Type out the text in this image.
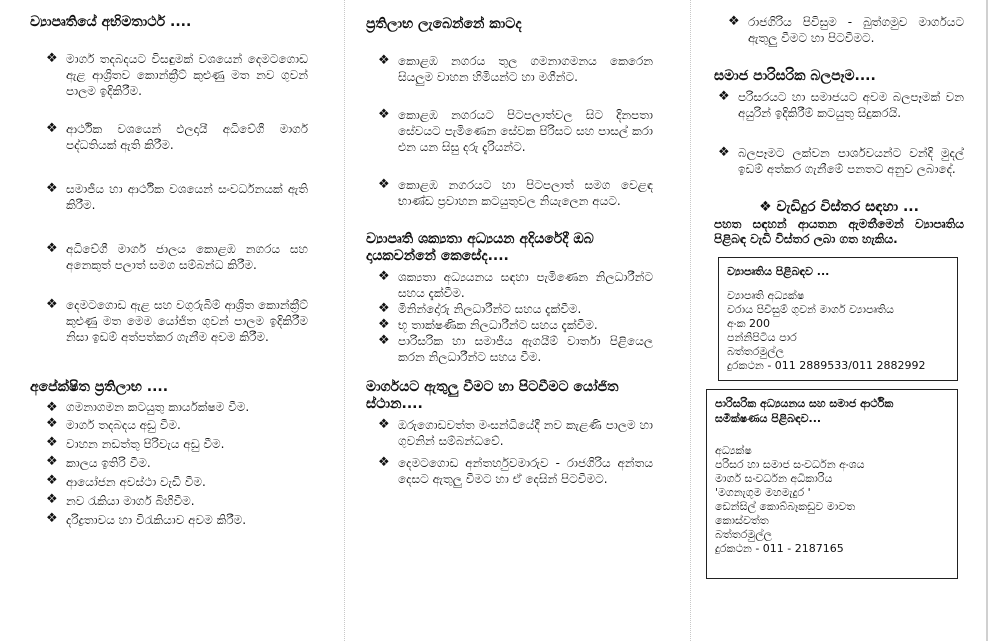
ව්‍යාපෘතියේ අභිමතාර්ථ ....
❖ මාර්ග තදබදයට විසඳුමක් වශයෙන් දෙමටගොඩ ඇළ ආශ්‍රිතව කොන්ක්‍රීට් කුළුණු මත නව ගුවන් පාලම ඉදිකිරීම.
❖ ආර්ථික වශයෙන් ඵලදායී අධිවේගී මාර්ග පද්ධතියක් ඇති කිරීම.
❖ සමාජීය හා ආර්ථික වශයෙන් සංවර්ධනයක් ඇති කිරීම.
❖ අධිවේගී මාර්ග ජාලය කොළඹ නගරය සහ අනෙකුත් පලාත් සමග සම්බන්ධ කිරීම.
❖ දෙමටගොඩ ඇළ සහ වගුරුබිම් ආශ්‍රිත කොන්ක්‍රීට් කුළුණු මත මෙම යෝජිත ගුවන් පාලම ඉදිකිරීම නිසා ඉඩම් අත්පත්කර ගැනීම අවම කිරීම.
අපේක්ෂිත ප්‍රතිලාභ ....
❖ ගමනාගමන කටයුතු කාර්යක්ෂම වීම.
❖ මාර්ග තදබදය අඩු වීම.
❖ වාහන නඩත්තු පිරිවැය අඩු වීම.
❖ කාලය ඉතිරි වීම.
❖ ආයෝජන අවස්ථා වැඩි වීම.
❖ නව රැකියා මාර්ග බිහිවීම.
❖ දරිද්‍රතාවය හා විරැකියාව අවම කිරීම.
ප්‍රතිලාභ ලැබෙන්නේ කාටද
❖ කොළඹ නගරය තුල ගමනාගමනය කෙරෙන සියලුම වාහන හිමියන්ට හා මගීන්ට.
❖ කොළඹ නගරයට පිටපලාත්වල සිට දිනපතා සේවයට පැමිණෙන සේවක පිරිසට සහ පාසල් කරා එන යන සිසු දරු දැරියන්ට.
❖ කොළඹ නගරයට හා පිටපලාත් සමග වෙළඳ භාණ්ඩ ප්‍රවාහන කටයුතුවල නියැලෙන අයට.
ව්‍යාපෘති ශක්‍යතා අධ්‍යයන අදියරේදී ඔබ දායකවන්නේ කෙසේද....
❖ ශක්‍යතා අධ්‍යයනය සඳහා පැමිණෙන නිලධාරීන්ට සහය දැක්වීම.
❖ මිනින්දෝරු නිලධාරීන්ට සහය දැක්වීම.
❖ භූ තාක්ෂණික නිලධාරීන්ට සහය දැක්වීම.
❖ පාරිසරික හා සමාජීය ඇගයීම් වාර්තා පිළියෙල කරන නිලධාරීන්ට සහය වීම.
මාර්ගයට ඇතුලු වීමට හා පිටවීමට යෝජිත ස්ථාන....
❖ ඔරුගොඩවත්ත මංසන්ධියේදී නව කැළණි පාලම හා ගුවනින් සම්බන්ධවේ.
❖ දෙමටගොඩ අන්තර්හුවමාරුව - රාජගිරිය අන්තය දෙසට ඇතුලු වීමට හා ඒ දෙසින් පිටවීමට.
❖ රාජගිරිය පිවිසුම - බුත්ගමුව මාර්ගයට ඇතුලු වීමට හා පිටවීමට.
සමාජ පාරිසරික බලපෑම....
❖ පරිසරයට හා සමාජයට අවම බලපෑමක් වන අයුරින් ඉදිකිරීම් කටයුතු සිදුකරයි.
❖ බලපෑමට ලක්වන පාර්ශවයන්ට වන්දි මුදල් ඉඩම් අත්කර ගැනීමේ පනතට අනුව ලබාදේ.
❖ වැඩිදුර විස්තර සඳහා ...
පහත සඳහන් ආයතන ඇමතීමෙන් ව්‍යාපෘතිය පිළිබඳ වැඩි විස්තර ලබා ගත හැකිය.
ව්‍යාපෘතිය පිළිබඳව ...
ව්‍යාපෘති අධ්‍යක්ෂ
වරාය පිවිසුම් ගුවන් මාර්ග ව්‍යාපෘතිය
අංක 200
පන්නිපිටිය පාර
බත්තරමුල්ල
දුරකථන - 011 2889533/011 2882992
පාරිසරික අධ්‍යයනය සහ සමාජ ආර්ථික සමීක්ෂණය පිළිබඳව...
අධ්‍යක්ෂ
පරිසර හා සමාජ සංවර්ධන අංශය
මාර්ග සංවර්ධන අධිකාරිය
'මගනැගුම මහමැදුර '
ඩෙන්සිල් කොබ්බෑකඩුව මාවත
කොස්වත්ත
බත්තරමුල්ල
දුරකථන - 011 - 2187165
